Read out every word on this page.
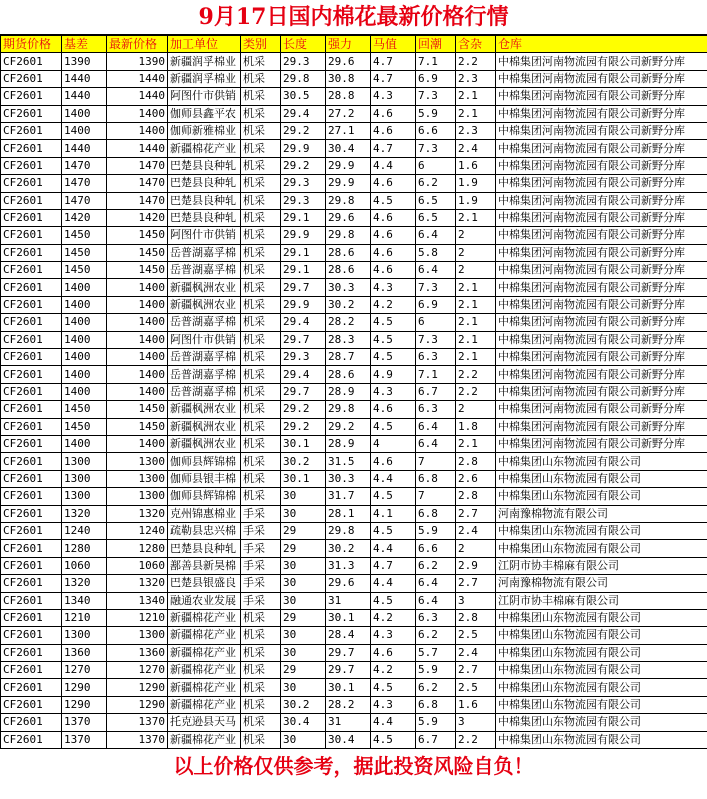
9月17日国内棉花最新价格行情
期货价格	基差	最新价格	加工单位	类别	长度	强力	马值	回潮	含杂	仓库
CF2601	1390	1390	新疆润孚棉业	机采	29.3	29.6	4.7	7.1	2.2	中棉集团河南物流园有限公司新野分库
CF2601	1440	1440	新疆润孚棉业	机采	29.8	30.8	4.7	6.9	2.3	中棉集团河南物流园有限公司新野分库
CF2601	1440	1440	阿图什市供销	机采	30.5	28.8	4.3	7.3	2.1	中棉集团河南物流园有限公司新野分库
CF2601	1400	1400	伽师县鑫平农	机采	29.4	27.2	4.6	5.9	2.1	中棉集团河南物流园有限公司新野分库
CF2601	1400	1400	伽师新雅棉业	机采	29.2	27.1	4.6	6.6	2.3	中棉集团河南物流园有限公司新野分库
CF2601	1440	1440	新疆棉花产业	机采	29.9	30.4	4.7	7.3	2.4	中棉集团河南物流园有限公司新野分库
CF2601	1470	1470	巴楚县良种轧	机采	29.2	29.9	4.4	6	1.6	中棉集团河南物流园有限公司新野分库
CF2601	1470	1470	巴楚县良种轧	机采	29.3	29.9	4.6	6.2	1.9	中棉集团河南物流园有限公司新野分库
CF2601	1470	1470	巴楚县良种轧	机采	29.3	29.8	4.5	6.5	1.9	中棉集团河南物流园有限公司新野分库
CF2601	1420	1420	巴楚县良种轧	机采	29.1	29.6	4.6	6.5	2.1	中棉集团河南物流园有限公司新野分库
CF2601	1450	1450	阿图什市供销	机采	29.9	29.8	4.6	6.4	2	中棉集团河南物流园有限公司新野分库
CF2601	1450	1450	岳普湖嘉孚棉	机采	29.1	28.6	4.6	5.8	2	中棉集团河南物流园有限公司新野分库
CF2601	1450	1450	岳普湖嘉孚棉	机采	29.1	28.6	4.6	6.4	2	中棉集团河南物流园有限公司新野分库
CF2601	1400	1400	新疆枫洲农业	机采	29.7	30.3	4.3	7.3	2.1	中棉集团河南物流园有限公司新野分库
CF2601	1400	1400	新疆枫洲农业	机采	29.9	30.2	4.2	6.9	2.1	中棉集团河南物流园有限公司新野分库
CF2601	1400	1400	岳普湖嘉孚棉	机采	29.4	28.2	4.5	6	2.1	中棉集团河南物流园有限公司新野分库
CF2601	1400	1400	阿图什市供销	机采	29.7	28.3	4.5	7.3	2.1	中棉集团河南物流园有限公司新野分库
CF2601	1400	1400	岳普湖嘉孚棉	机采	29.3	28.7	4.5	6.3	2.1	中棉集团河南物流园有限公司新野分库
CF2601	1400	1400	岳普湖嘉孚棉	机采	29.4	28.6	4.9	7.1	2.2	中棉集团河南物流园有限公司新野分库
CF2601	1400	1400	岳普湖嘉孚棉	机采	29.7	28.9	4.3	6.7	2.2	中棉集团河南物流园有限公司新野分库
CF2601	1450	1450	新疆枫洲农业	机采	29.2	29.8	4.6	6.3	2	中棉集团河南物流园有限公司新野分库
CF2601	1450	1450	新疆枫洲农业	机采	29.2	29.2	4.5	6.4	1.8	中棉集团河南物流园有限公司新野分库
CF2601	1400	1400	新疆枫洲农业	机采	30.1	28.9	4	6.4	2.1	中棉集团河南物流园有限公司新野分库
CF2601	1300	1300	伽师县辉锦棉	机采	30.2	31.5	4.6	7	2.8	中棉集团山东物流园有限公司
CF2601	1300	1300	伽师县银丰棉	机采	30.1	30.3	4.4	6.8	2.6	中棉集团山东物流园有限公司
CF2601	1300	1300	伽师县辉锦棉	机采	30	31.7	4.5	7	2.8	中棉集团山东物流园有限公司
CF2601	1320	1320	克州锦惠棉业	手采	30	28.1	4.1	6.8	2.7	河南豫棉物流有限公司
CF2601	1240	1240	疏勒县忠兴棉	手采	29	29.8	4.5	5.9	2.4	中棉集团山东物流园有限公司
CF2601	1280	1280	巴楚县良种轧	手采	29	30.2	4.4	6.6	2	中棉集团山东物流园有限公司
CF2601	1060	1060	鄯善县新昊棉	手采	30	31.3	4.7	6.2	2.9	江阴市协丰棉麻有限公司
CF2601	1320	1320	巴楚县银盛良	手采	30	29.6	4.4	6.4	2.7	河南豫棉物流有限公司
CF2601	1340	1340	融通农业发展	手采	30	31	4.5	6.4	3	江阴市协丰棉麻有限公司
CF2601	1210	1210	新疆棉花产业	机采	29	30.1	4.2	6.3	2.8	中棉集团山东物流园有限公司
CF2601	1300	1300	新疆棉花产业	机采	30	28.4	4.3	6.2	2.5	中棉集团山东物流园有限公司
CF2601	1360	1360	新疆棉花产业	机采	30	29.7	4.6	5.7	2.4	中棉集团山东物流园有限公司
CF2601	1270	1270	新疆棉花产业	机采	29	29.7	4.2	5.9	2.7	中棉集团山东物流园有限公司
CF2601	1290	1290	新疆棉花产业	机采	30	30.1	4.5	6.2	2.5	中棉集团山东物流园有限公司
CF2601	1290	1290	新疆棉花产业	机采	30.2	28.2	4.3	6.8	1.6	中棉集团山东物流园有限公司
CF2601	1370	1370	托克逊县天马	机采	30.4	31	4.4	5.9	3	中棉集团山东物流园有限公司
CF2601	1370	1370	新疆棉花产业	机采	30	30.4	4.5	6.7	2.2	中棉集团山东物流园有限公司
以上价格仅供参考，据此投资风险自负！
